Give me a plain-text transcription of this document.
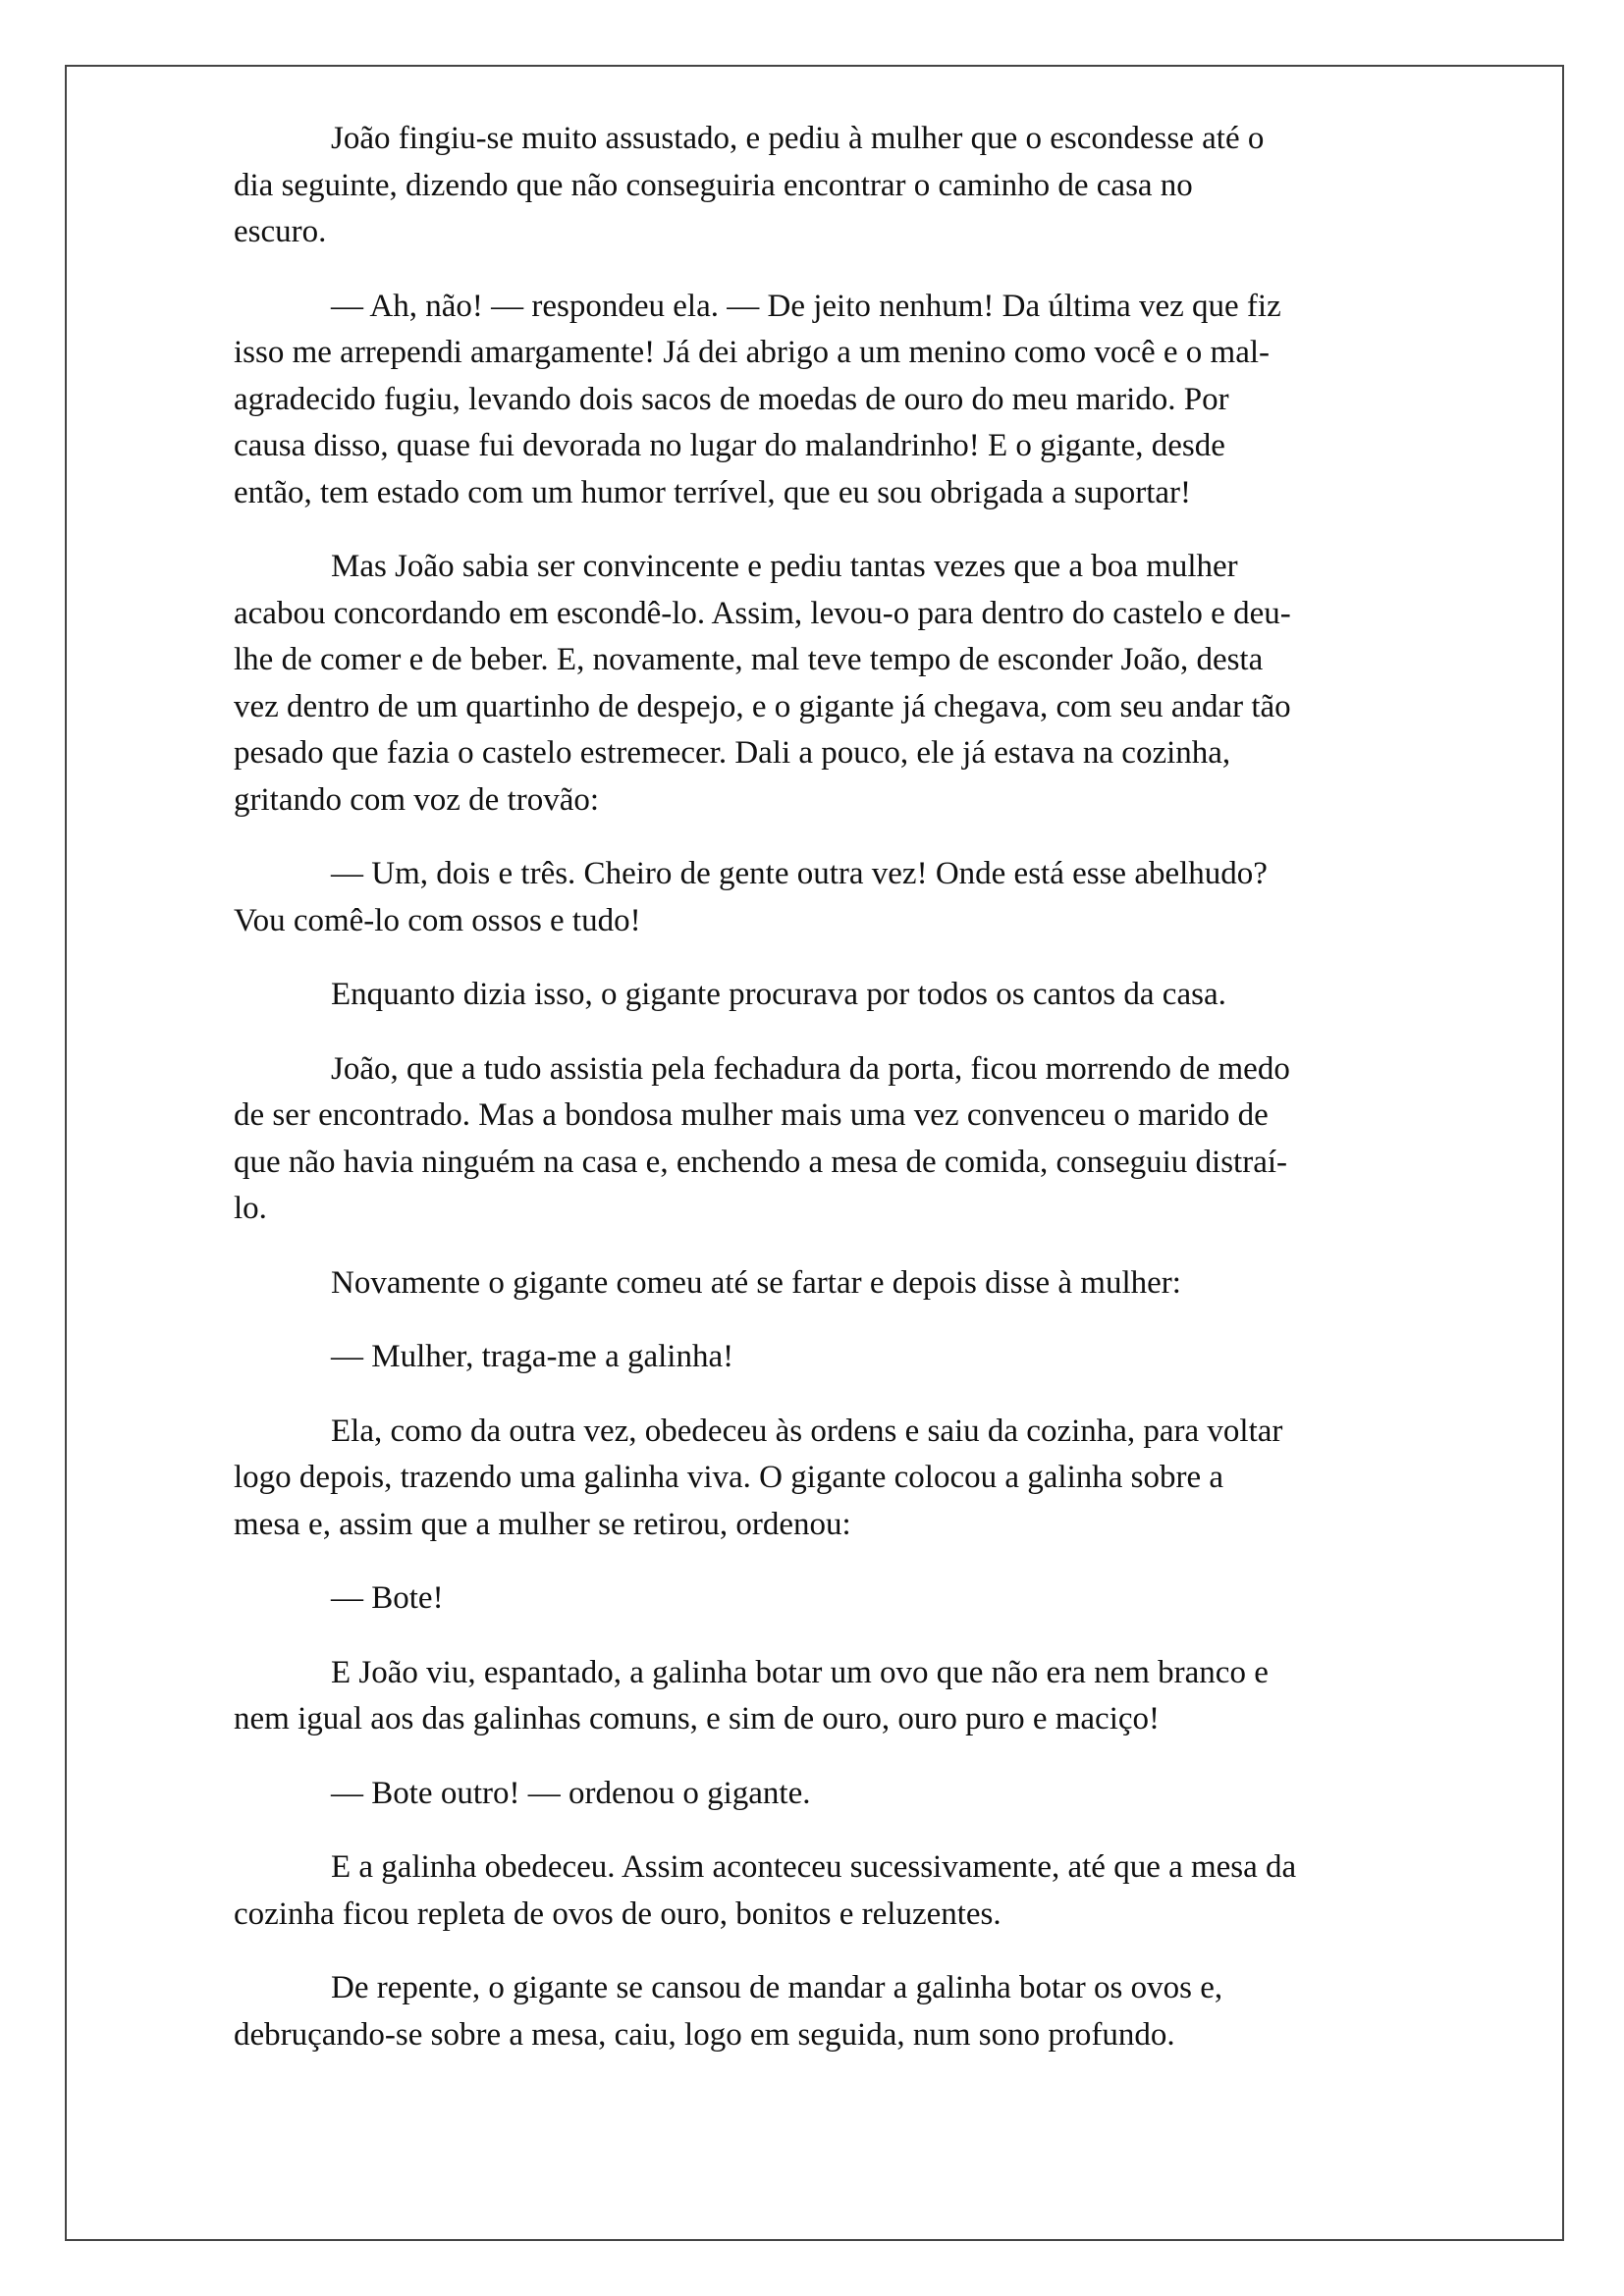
João fingiu-se muito assustado, e pediu à mulher que o escondesse até o
dia seguinte, dizendo que não conseguiria encontrar o caminho de casa no
escuro.

— Ah, não! — respondeu ela. — De jeito nenhum! Da última vez que fiz
isso me arrependi amargamente! Já dei abrigo a um menino como você e o mal-
agradecido fugiu, levando dois sacos de moedas de ouro do meu marido. Por
causa disso, quase fui devorada no lugar do malandrinho! E o gigante, desde
então, tem estado com um humor terrível, que eu sou obrigada a suportar!

Mas João sabia ser convincente e pediu tantas vezes que a boa mulher
acabou concordando em escondê-lo. Assim, levou-o para dentro do castelo e deu-
lhe de comer e de beber. E, novamente, mal teve tempo de esconder João, desta
vez dentro de um quartinho de despejo, e o gigante já chegava, com seu andar tão
pesado que fazia o castelo estremecer. Dali a pouco, ele já estava na cozinha,
gritando com voz de trovão:

— Um, dois e três. Cheiro de gente outra vez! Onde está esse abelhudo?
Vou comê-lo com ossos e tudo!

Enquanto dizia isso, o gigante procurava por todos os cantos da casa.

João, que a tudo assistia pela fechadura da porta, ficou morrendo de medo
de ser encontrado. Mas a bondosa mulher mais uma vez convenceu o marido de
que não havia ninguém na casa e, enchendo a mesa de comida, conseguiu distraí-
lo.

Novamente o gigante comeu até se fartar e depois disse à mulher:

— Mulher, traga-me a galinha!

Ela, como da outra vez, obedeceu às ordens e saiu da cozinha, para voltar
logo depois, trazendo uma galinha viva. O gigante colocou a galinha sobre a
mesa e, assim que a mulher se retirou, ordenou:

— Bote!

E João viu, espantado, a galinha botar um ovo que não era nem branco e
nem igual aos das galinhas comuns, e sim de ouro, ouro puro e maciço!

— Bote outro! — ordenou o gigante.

E a galinha obedeceu. Assim aconteceu sucessivamente, até que a mesa da
cozinha ficou repleta de ovos de ouro, bonitos e reluzentes.

De repente, o gigante se cansou de mandar a galinha botar os ovos e,
debruçando-se sobre a mesa, caiu, logo em seguida, num sono profundo.
